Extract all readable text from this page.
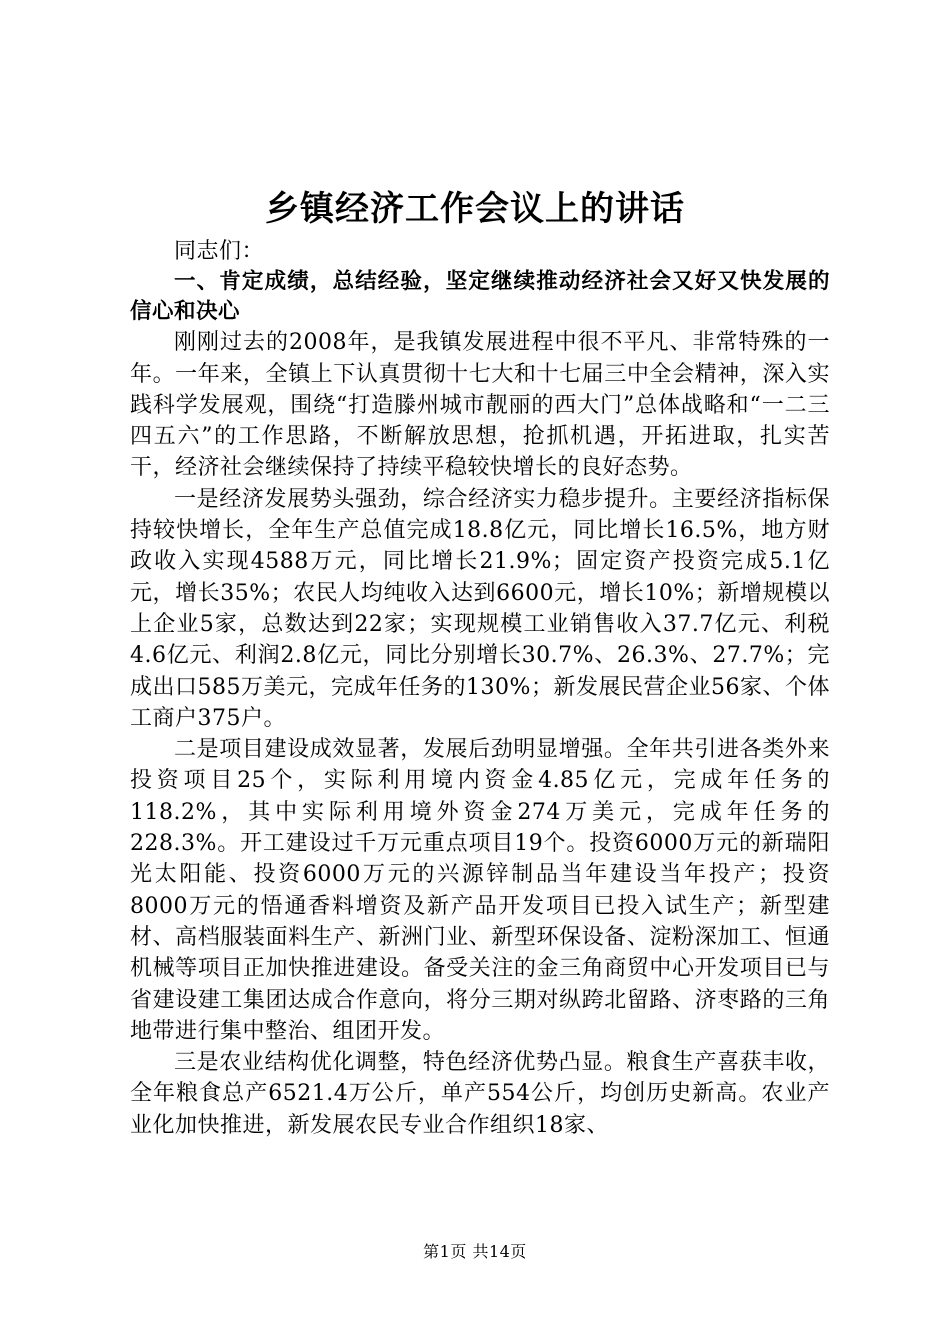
乡镇经济工作会议上的讲话

同志们：

一、肯定成绩，总结经验，坚定继续推动经济社会又好又快发展的信心和决心

刚刚过去的2008年，是我镇发展进程中很不平凡、非常特殊的一年。一年来，全镇上下认真贯彻十七大和十七届三中全会精神，深入实践科学发展观，围绕“打造滕州城市靓丽的西大门”总体战略和“一二三四五六”的工作思路，不断解放思想，抢抓机遇，开拓进取，扎实苦干，经济社会继续保持了持续平稳较快增长的良好态势。

一是经济发展势头强劲，综合经济实力稳步提升。主要经济指标保持较快增长，全年生产总值完成18.8亿元，同比增长16.5%，地方财政收入实现4588万元，同比增长21.9%；固定资产投资完成5.1亿元，增长35%；农民人均纯收入达到6600元，增长10%；新增规模以上企业5家，总数达到22家；实现规模工业销售收入37.7亿元、利税4.6亿元、利润2.8亿元，同比分别增长30.7%、26.3%、27.7%；完成出口585万美元，完成年任务的130%；新发展民营企业56家、个体工商户375户。

二是项目建设成效显著，发展后劲明显增强。全年共引进各类外来投资项目25个，实际利用境内资金4.85亿元，完成年任务的118.2%，其中实际利用境外资金274万美元，完成年任务的228.3%。开工建设过千万元重点项目19个。投资6000万元的新瑞阳光太阳能、投资6000万元的兴源锌制品当年建设当年投产；投资8000万元的悟通香料增资及新产品开发项目已投入试生产；新型建材、高档服装面料生产、新洲门业、新型环保设备、淀粉深加工、恒通机械等项目正加快推进建设。备受关注的金三角商贸中心开发项目已与省建设建工集团达成合作意向，将分三期对纵跨北留路、济枣路的三角地带进行集中整治、组团开发。

三是农业结构优化调整，特色经济优势凸显。粮食生产喜获丰收，全年粮食总产6521.4万公斤，单产554公斤，均创历史新高。农业产业化加快推进，新发展农民专业合作组织18家、

第1页 共14页
